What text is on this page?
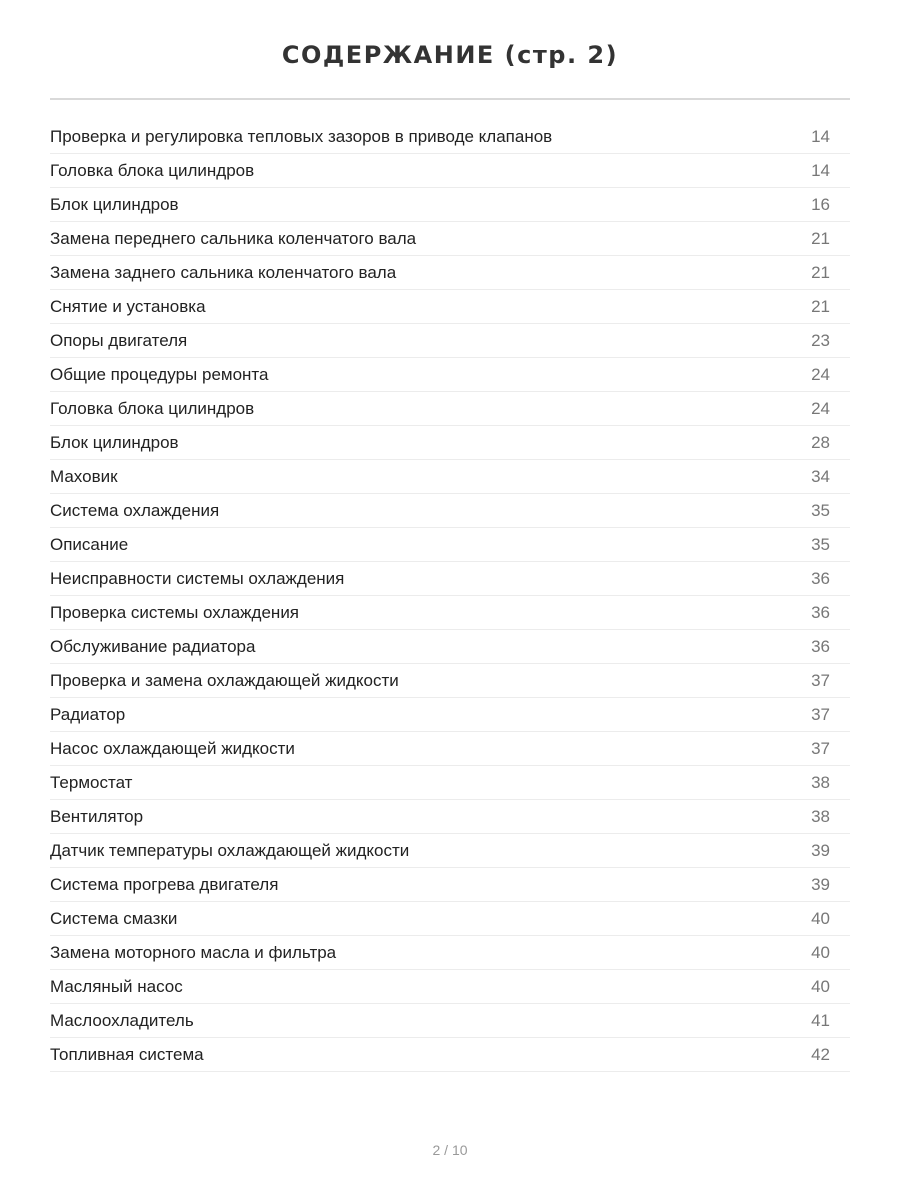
СОДЕРЖАНИЕ (стр. 2)
Проверка и регулировка тепловых зазоров в приводе клапанов	14
Головка блока цилиндров	14
Блок цилиндров	16
Замена переднего сальника коленчатого вала	21
Замена заднего сальника коленчатого вала	21
Снятие и установка	21
Опоры двигателя	23
Общие процедуры ремонта	24
Головка блока цилиндров	24
Блок цилиндров	28
Маховик	34
Система охлаждения	35
Описание	35
Неисправности системы охлаждения	36
Проверка системы охлаждения	36
Обслуживание радиатора	36
Проверка и замена охлаждающей жидкости	37
Радиатор	37
Насос охлаждающей жидкости	37
Термостат	38
Вентилятор	38
Датчик температуры охлаждающей жидкости	39
Система прогрева двигателя	39
Система смазки	40
Замена моторного масла и фильтра	40
Масляный насос	40
Маслоохладитель	41
Топливная система	42
2 / 10
